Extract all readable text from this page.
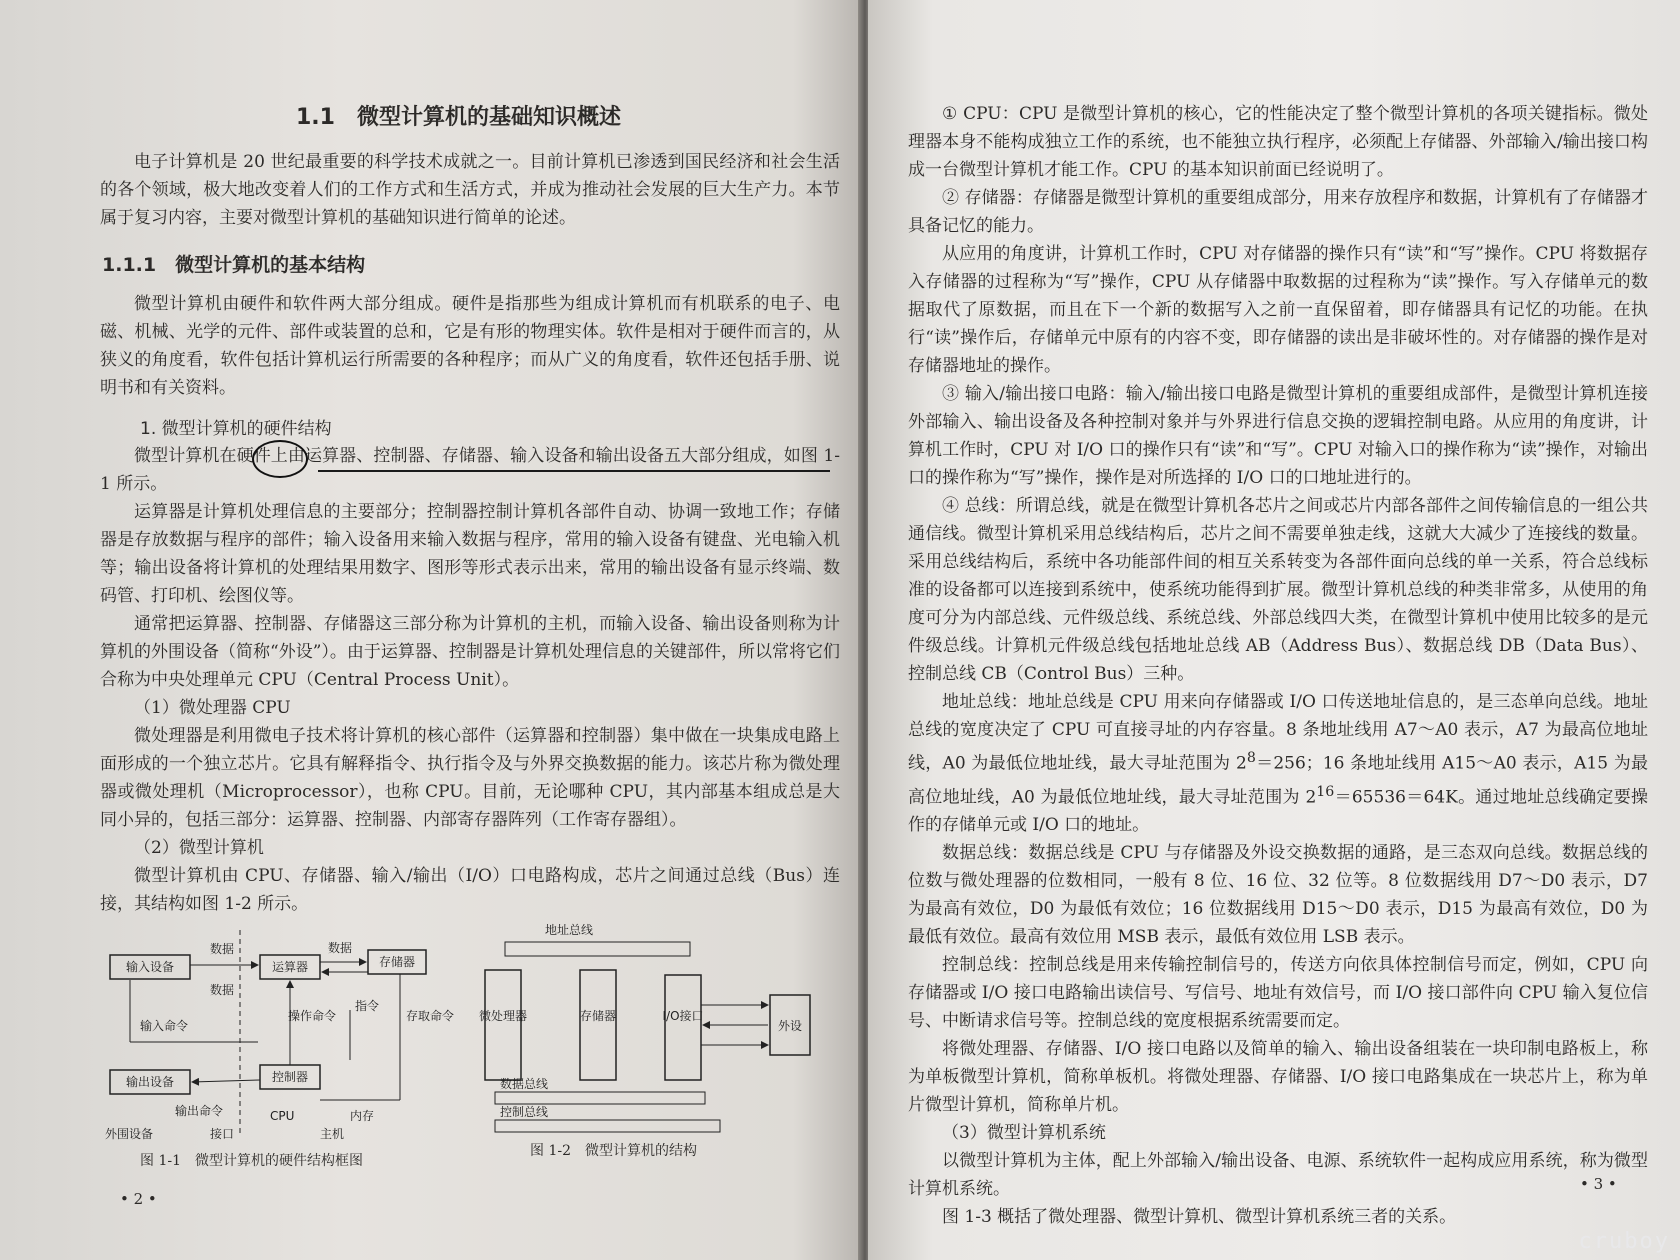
1.1　微型计算机的基础知识概述

电子计算机是 20 世纪最重要的科学技术成就之一。目前计算机已渗透到国民经济和社会生活的各个领域，极大地改变着人们的工作方式和生活方式，并成为推动社会发展的巨大生产力。本节属于复习内容，主要对微型计算机的基础知识进行简单的论述。

1.1.1　微型计算机的基本结构

微型计算机由硬件和软件两大部分组成。硬件是指那些为组成计算机而有机联系的电子、电磁、机械、光学的元件、部件或装置的总和，它是有形的物理实体。软件是相对于硬件而言的，从狭义的角度看，软件包括计算机运行所需要的各种程序；而从广义的角度看，软件还包括手册、说明书和有关资料。

1. 微型计算机的硬件结构

微型计算机在硬件上由运算器、控制器、存储器、输入设备和输出设备五大部分组成，如图 1-1 所示。

运算器是计算机处理信息的主要部分；控制器控制计算机各部件自动、协调一致地工作；存储器是存放数据与程序的部件；输入设备用来输入数据与程序，常用的输入设备有键盘、光电输入机等；输出设备将计算机的处理结果用数字、图形等形式表示出来，常用的输出设备有显示终端、数码管、打印机、绘图仪等。

通常把运算器、控制器、存储器这三部分称为计算机的主机，而输入设备、输出设备则称为计算机的外围设备（简称“外设”）。由于运算器、控制器是计算机处理信息的关键部件，所以常将它们合称为中央处理单元 CPU（Central Process Unit）。

（1）微处理器 CPU

微处理器是利用微电子技术将计算机的核心部件（运算器和控制器）集中做在一块集成电路上面形成的一个独立芯片。它具有解释指令、执行指令及与外界交换数据的能力。该芯片称为微处理器或微处理机（Microprocessor），也称 CPU。目前，无论哪种 CPU，其内部基本组成总是大同小异的，包括三部分：运算器、控制器、内部寄存器阵列（工作寄存器组）。

（2）微型计算机

微型计算机由 CPU、存储器、输入/输出（I/O）口电路构成，芯片之间通过总线（Bus）连接，其结构如图 1-2 所示。

输入设备	运算器	存储器
输出设备	控制器
数据	数据
数据
输入命令
输出命令
操作命令
指令
存取命令
CPU	内存
外围设备	接口	主机
图 1-1　微型计算机的硬件结构框图
地址总线
微处理器	存储器	I/O接口
外设
数据总线
控制总线
图 1-2　微型计算机的结构
• 2 •

① CPU：CPU 是微型计算机的核心，它的性能决定了整个微型计算机的各项关键指标。微处理器本身不能构成独立工作的系统，也不能独立执行程序，必须配上存储器、外部输入/输出接口构成一台微型计算机才能工作。CPU 的基本知识前面已经说明了。

② 存储器：存储器是微型计算机的重要组成部分，用来存放程序和数据，计算机有了存储器才具备记忆的能力。

从应用的角度讲，计算机工作时，CPU 对存储器的操作只有“读”和“写”操作。CPU 将数据存入存储器的过程称为“写”操作，CPU 从存储器中取数据的过程称为“读”操作。写入存储单元的数据取代了原数据，而且在下一个新的数据写入之前一直保留着，即存储器具有记忆的功能。在执行“读”操作后，存储单元中原有的内容不变，即存储器的读出是非破坏性的。对存储器的操作是对存储器地址的操作。

③ 输入/输出接口电路：输入/输出接口电路是微型计算机的重要组成部件，是微型计算机连接外部输入、输出设备及各种控制对象并与外界进行信息交换的逻辑控制电路。从应用的角度讲，计算机工作时，CPU 对 I/O 口的操作只有“读”和“写”。CPU 对输入口的操作称为“读”操作，对输出口的操作称为“写”操作，操作是对所选择的 I/O 口的口地址进行的。

④ 总线：所谓总线，就是在微型计算机各芯片之间或芯片内部各部件之间传输信息的一组公共通信线。微型计算机采用总线结构后，芯片之间不需要单独走线，这就大大减少了连接线的数量。采用总线结构后，系统中各功能部件间的相互关系转变为各部件面向总线的单一关系，符合总线标准的设备都可以连接到系统中，使系统功能得到扩展。微型计算机总线的种类非常多，从使用的角度可分为内部总线、元件级总线、系统总线、外部总线四大类，在微型计算机中使用比较多的是元件级总线。计算机元件级总线包括地址总线 AB（Address Bus）、数据总线 DB（Data Bus）、控制总线 CB（Control Bus）三种。

地址总线：地址总线是 CPU 用来向存储器或 I/O 口传送地址信息的，是三态单向总线。地址总线的宽度决定了 CPU 可直接寻址的内存容量。8 条地址线用 A7～A0 表示，A7 为最高位地址线，A0 为最低位地址线，最大寻址范围为 $2^8=256$；16 条地址线用 A15～A0 表示，A15 为最高位地址线，A0 为最低位地址线，最大寻址范围为 $2^{16}=65536=64K$。通过地址总线确定要操作的存储单元或 I/O 口的地址。

数据总线：数据总线是 CPU 与存储器及外设交换数据的通路，是三态双向总线。数据总线的位数与微处理器的位数相同，一般有 8 位、16 位、32 位等。8 位数据线用 D7～D0 表示，D7 为最高有效位，D0 为最低有效位；16 位数据线用 D15～D0 表示，D15 为最高有效位，D0 为最低有效位。最高有效位用 MSB 表示，最低有效位用 LSB 表示。

控制总线：控制总线是用来传输控制信号的，传送方向依具体控制信号而定，例如，CPU 向存储器或 I/O 接口电路输出读信号、写信号、地址有效信号，而 I/O 接口部件向 CPU 输入复位信号、中断请求信号等。控制总线的宽度根据系统需要而定。

将微处理器、存储器、I/O 接口电路以及简单的输入、输出设备组装在一块印制电路板上，称为单板微型计算机，简称单板机。将微处理器、存储器、I/O 接口电路集成在一块芯片上，称为单片微型计算机，简称单片机。

（3）微型计算机系统

以微型计算机为主体，配上外部输入/输出设备、电源、系统软件一起构成应用系统，称为微型计算机系统。

图 1-3 概括了微处理器、微型计算机、微型计算机系统三者的关系。

• 3 •
cruboy
